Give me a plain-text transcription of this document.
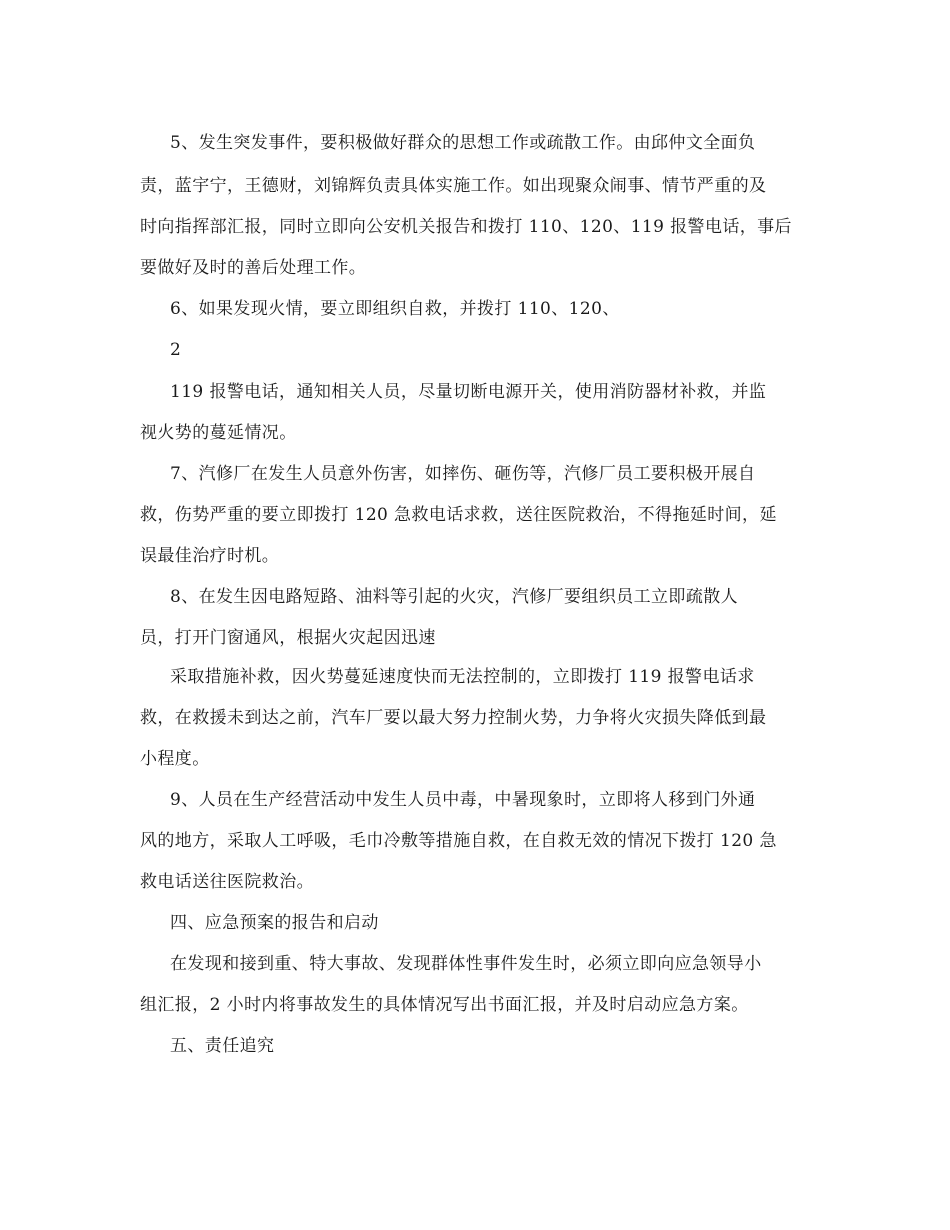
5、发生突发事件，要积极做好群众的思想工作或疏散工作。由邱仲文全面负
责，蓝宇宁，王德财，刘锦辉负责具体实施工作。如出现聚众闹事、情节严重的及
时向指挥部汇报，同时立即向公安机关报告和拨打 110、120、119 报警电话，事后
要做好及时的善后处理工作。
6、如果发现火情，要立即组织自救，并拨打 110、120、
2
119 报警电话，通知相关人员，尽量切断电源开关，使用消防器材补救，并监
视火势的蔓延情况。
7、汽修厂在发生人员意外伤害，如摔伤、砸伤等，汽修厂员工要积极开展自
救，伤势严重的要立即拨打 120 急救电话求救，送往医院救治，不得拖延时间，延
误最佳治疗时机。
8、在发生因电路短路、油料等引起的火灾，汽修厂要组织员工立即疏散人
员，打开门窗通风，根据火灾起因迅速
采取措施补救，因火势蔓延速度快而无法控制的，立即拨打 119 报警电话求
救，在救援未到达之前，汽车厂要以最大努力控制火势，力争将火灾损失降低到最
小程度。
9、人员在生产经营活动中发生人员中毒，中暑现象时，立即将人移到门外通
风的地方，采取人工呼吸，毛巾冷敷等措施自救，在自救无效的情况下拨打 120 急
救电话送往医院救治。
四、应急预案的报告和启动
在发现和接到重、特大事故、发现群体性事件发生时，必须立即向应急领导小
组汇报，2 小时内将事故发生的具体情况写出书面汇报，并及时启动应急方案。
五、责任追究
